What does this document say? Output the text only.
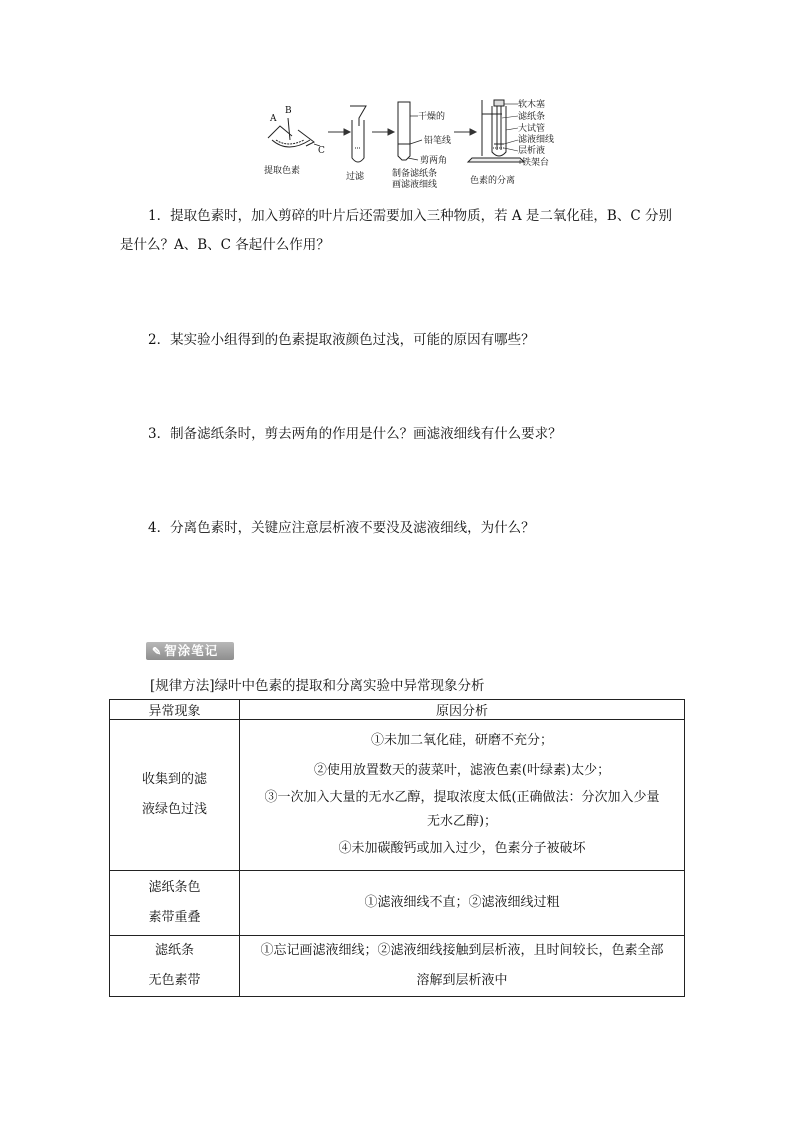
A
B
C
提取色素
过滤
干燥的
铅笔线
剪两角
制备滤纸条
画滤液细线
软木塞
滤纸条
大试管
滤液细线
层析液
铁架台
色素的分离
1．提取色素时，加入剪碎的叶片后还需要加入三种物质，若 A 是二氧化硅，B、C 分别是什么？A、B、C 各起什么作用？
2．某实验小组得到的色素提取液颜色过浅，可能的原因有哪些？
3．制备滤纸条时，剪去两角的作用是什么？画滤液细线有什么要求？
4．分离色素时，关键应注意层析液不要没及滤液细线，为什么？
✎ 智涂笔记
[规律方法]绿叶中色素的提取和分离实验中异常现象分析
异常现象	原因分析

收集到的滤
液绿色过浅	①未加二氧化硅，研磨不充分；
②使用放置数天的菠菜叶，滤液色素(叶绿素)太少；
③一次加入大量的无水乙醇，提取浓度太低(正确做法：分次加入少量
无水乙醇)；
④未加碳酸钙或加入过少，色素分子被破坏

滤纸条色
素带重叠	①滤液细线不直；②滤液细线过粗

滤纸条
无色素带	①忘记画滤液细线；②滤液细线接触到层析液，且时间较长，色素全部
溶解到层析液中
